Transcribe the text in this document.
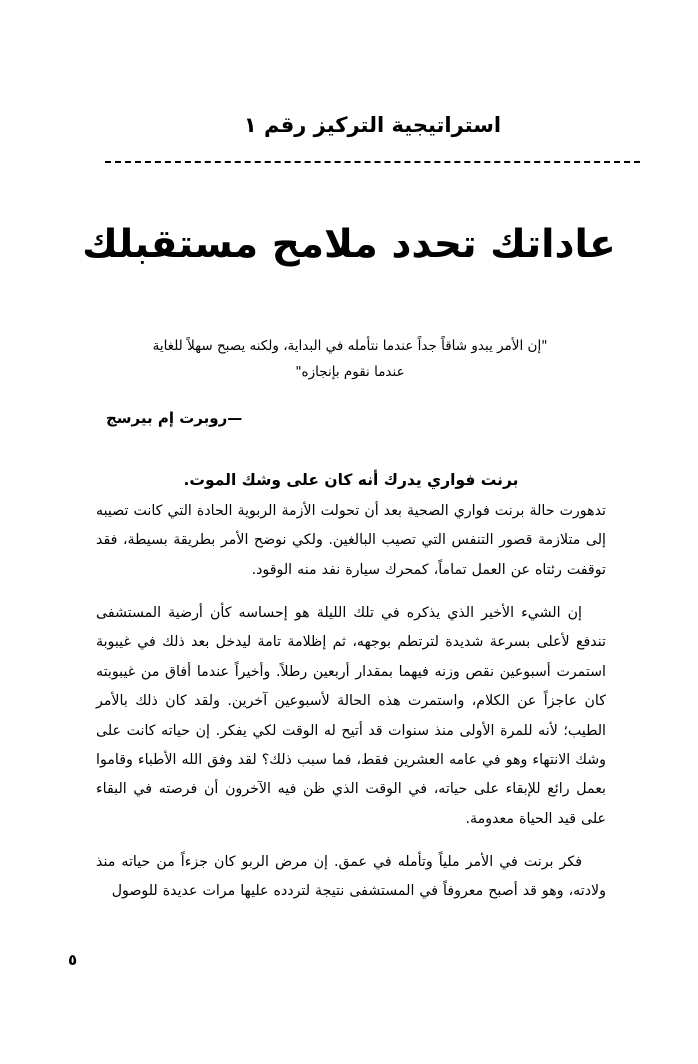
استراتيجية التركيز رقم ١
عاداتك تحدد ملامح مستقبلك
"إن الأمر يبدو شاقاً جداً عندما نتأمله في البداية، ولكنه يصبح سهلاً للغاية عندما نقوم بإنجازه"
—روبرت إم بيرسج
برنت فواري يدرك أنه كان على وشك الموت.

تدهورت حالة برنت فواري الصحية بعد أن تحولت الأزمة الربوية الحادة التي كانت تصيبه إلى متلازمة قصور التنفس التي تصيب البالغين. ولكي نوضح الأمر بطريقة بسيطة، فقد توقفت رئتاه عن العمل تماماً، كمحرك سيارة نفد منه الوقود.

إن الشيء الأخير الذي يذكره في تلك الليلة هو إحساسه كأن أرضية المستشفى تندفع لأعلى بسرعة شديدة لترتطم بوجهه، ثم إظلامة تامة ليدخل بعد ذلك في غيبوبة استمرت أسبوعين نقص وزنه فيهما بمقدار أربعين رطلاً. وأخيراً عندما أفاق من غيبوبته كان عاجزاً عن الكلام، واستمرت هذه الحالة لأسبوعين آخرين. ولقد كان ذلك بالأمر الطيب؛ لأنه للمرة الأولى منذ سنوات قد أتيح له الوقت لكي يفكر. إن حياته كانت على وشك الانتهاء وهو في عامه العشرين فقط، فما سبب ذلك؟ لقد وفق الله الأطباء وقاموا بعمل رائع للإبقاء على حياته، في الوقت الذي ظن فيه الآخرون أن فرصته في البقاء على قيد الحياة معدومة.

فكر برنت في الأمر ملياً وتأمله في عمق. إن مرض الربو كان جزءاً من حياته منذ ولادته، وهو قد أصبح معروفاً في المستشفى نتيجة لتردده عليها مرات عديدة للوصول

٥
